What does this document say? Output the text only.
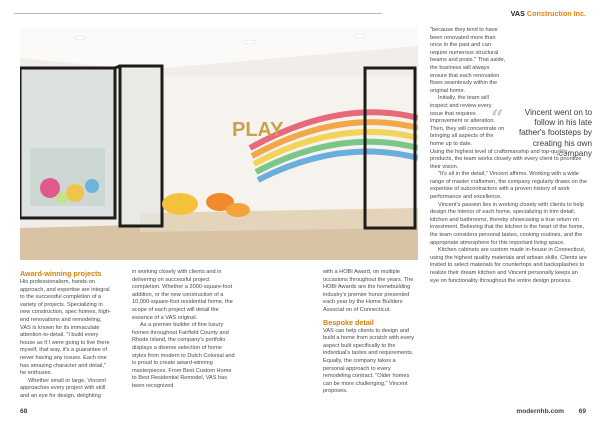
VAS Construction Inc.
PLAY
Award-winning projects

His professionalism, hands-on approach, and expertise are integral to the successful completion of a variety of projects. Specializing in new construction, spec homes, high-end renovations and remodeling, VAS is known for its immaculate attention-to-detail. "I build every house as if I were going to live there myself, that way, it's a guarantee of never having any issues. Each one has amazing character and detail," he enthuses.

Whether small or large, Vincent approaches every project with skill and an eye for design, delighting

in working closely with clients and in delivering on successful project completion. Whether a 2000-square-foot addition, or the new construction of a 10,000-square-foot residential home, the scope of each project will detail the essence of a VAS original.

As a premier builder of fine luxury homes throughout Fairfield County and Rhode Island, the company's portfolio displays a diverse selection of home styles from modern to Dutch Colonial and is proud to create award-winning masterpieces. From Best Custom Home to Best Residential Remodel, VAS has been recognized

with a HOBI Award, on multiple occasions throughout the years. The HOBI Awards are the homebuilding industry's premier honor presented each year by the Home Builders Associat on of Connecticut.

Bespoke detail

VAS can help clients to design and build a home from scratch with every aspect built specifically to the individual's tastes and requirements. Equally, the company takes a personal approach to every remodeling contract. "Older homes can be more challenging," Vincent proposes.

"because they tend to have been renovated more than once in the past and can require numerous structural beams and posts." That aside, the business will always ensure that each renovation flows seamlessly within the original home.

Initially, the team will inspect and review every issue that requires improvement or alteration. Then, they will concentrate on bringing all aspects of the home up to date.

Using the highest level of craftsmanship and top-quality products, the team works closely with every client to prioritize their vision.

"It's all in the detail," Vincent affirms. Working with a wide range of master craftsmen, the company regularly draws on the expertise of subcontractors with a proven history of work performance and excellence.

Vincent's passion lies in working closely with clients to help design the interior of each home, specializing in trim detail, kitchen and bathrooms, thereby showcasing a true return on investment. Believing that the kitchen is the heart of the home, the team considers personal tastes, cooking routines, and the appropriate atmosphere for this important living space.

Kitchen cabinets are custom made in-house in Connecticut, using the highest quality materials and artisan skills. Clients are invited to select materials for countertops and backsplashes to realize their dream kitchen and Vincent personally keeps an eye on functionality throughout the entire design process.

“	Vincent went on to follow in his late father's footsteps by creating his own company
”
68	modernhb.com 69
